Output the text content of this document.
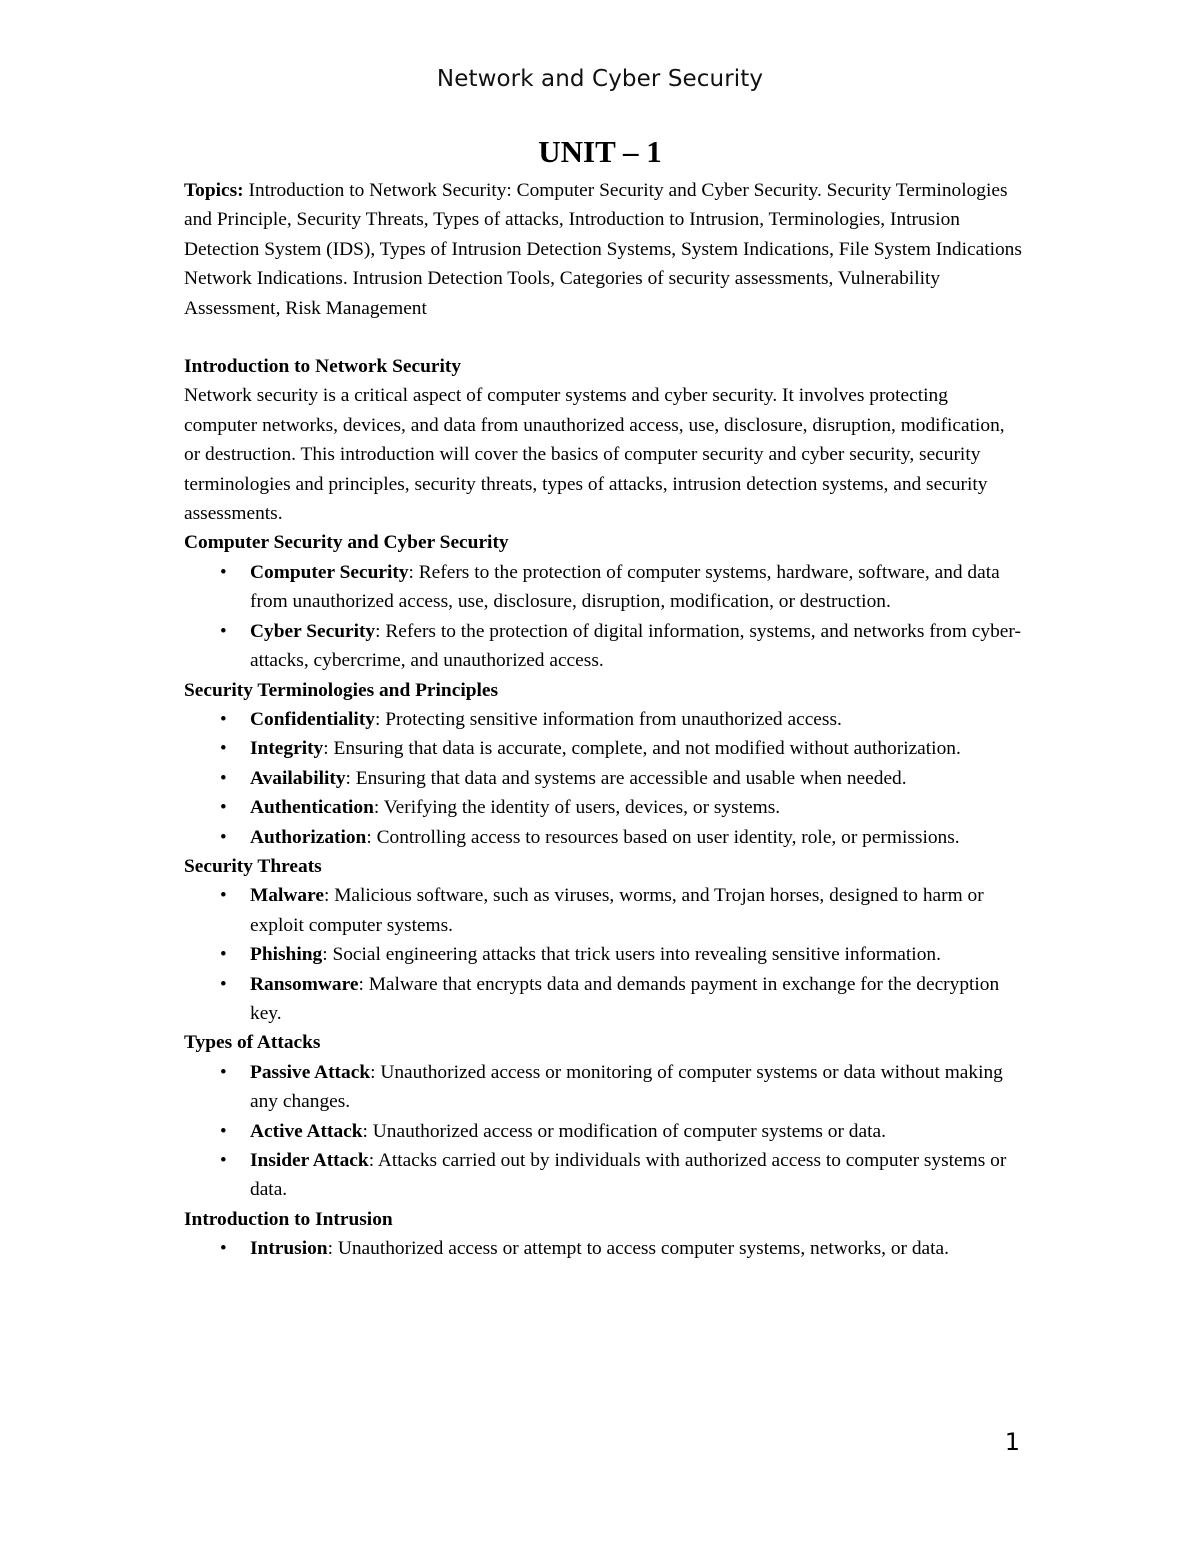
Network and Cyber Security
UNIT – 1

Topics: Introduction to Network Security: Computer Security and Cyber Security. Security Terminologies and Principle, Security Threats, Types of attacks, Introduction to Intrusion, Terminologies, Intrusion Detection System (IDS), Types of Intrusion Detection Systems, System Indications, File System Indications Network Indications. Intrusion Detection Tools, Categories of security assessments, Vulnerability Assessment, Risk Management

Introduction to Network Security

Network security is a critical aspect of computer systems and cyber security. It involves protecting computer networks, devices, and data from unauthorized access, use, disclosure, disruption, modification, or destruction. This introduction will cover the basics of computer security and cyber security, security terminologies and principles, security threats, types of attacks, intrusion detection systems, and security assessments.

Computer Security and Cyber Security

• Computer Security: Refers to the protection of computer systems, hardware, software, and data from unauthorized access, use, disclosure, disruption, modification, or destruction.
• Cyber Security: Refers to the protection of digital information, systems, and networks from cyber-attacks, cybercrime, and unauthorized access.

Security Terminologies and Principles

• Confidentiality: Protecting sensitive information from unauthorized access.
• Integrity: Ensuring that data is accurate, complete, and not modified without authorization.
• Availability: Ensuring that data and systems are accessible and usable when needed.
• Authentication: Verifying the identity of users, devices, or systems.
• Authorization: Controlling access to resources based on user identity, role, or permissions.

Security Threats

• Malware: Malicious software, such as viruses, worms, and Trojan horses, designed to harm or exploit computer systems.
• Phishing: Social engineering attacks that trick users into revealing sensitive information.
• Ransomware: Malware that encrypts data and demands payment in exchange for the decryption key.

Types of Attacks

• Passive Attack: Unauthorized access or monitoring of computer systems or data without making any changes.
• Active Attack: Unauthorized access or modification of computer systems or data.
• Insider Attack: Attacks carried out by individuals with authorized access to computer systems or data.

Introduction to Intrusion

• Intrusion: Unauthorized access or attempt to access computer systems, networks, or data.
1
